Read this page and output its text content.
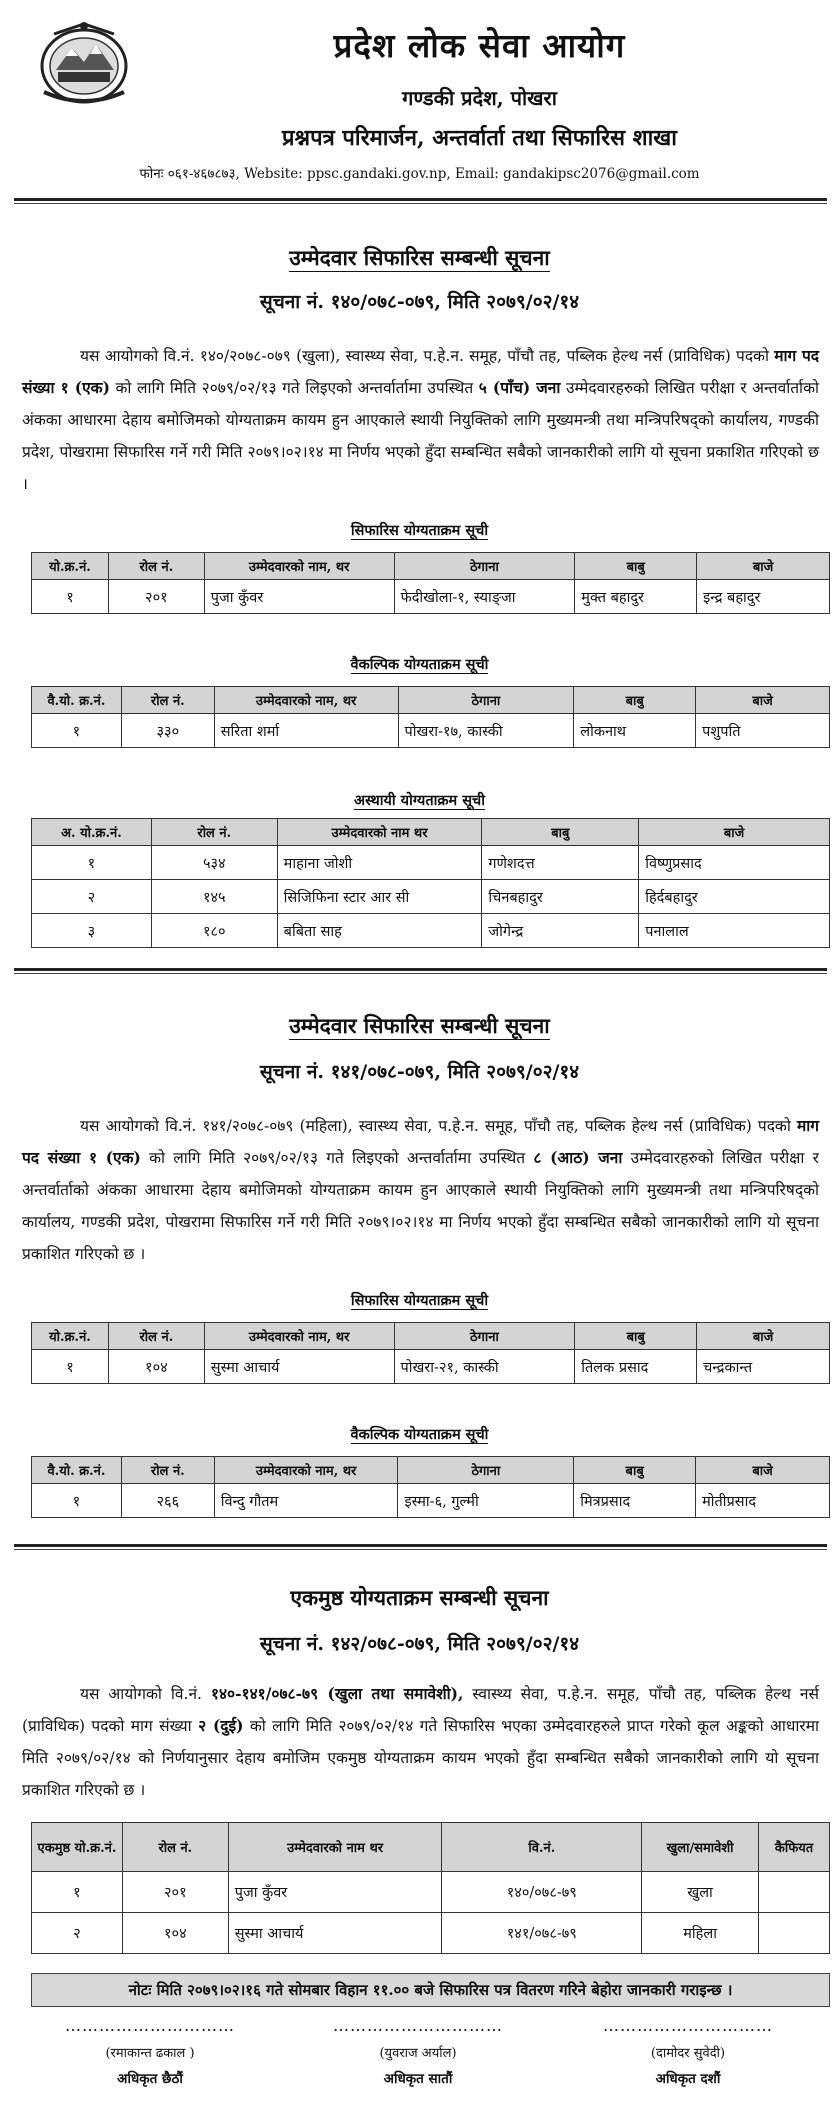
प्रदेश लोक सेवा आयोग
गण्डकी प्रदेश, पोखरा
प्रश्नपत्र परिमार्जन, अन्तर्वार्ता तथा सिफारिस शाखा
फोनः ०६१-४६७८७३, Website: ppsc.gandaki.gov.np, Email: gandakipsc2076@gmail.com
उम्मेदवार सिफारिस सम्बन्धी सूचना
सूचना नं. १४०/०७८-०७९, मिति २०७९/०२/१४
यस आयोगको वि.नं. १४०/२०७८-०७९ (खुला), स्वास्थ्य सेवा, प.हे.न. समूह, पाँचौ तह, पब्लिक हेल्थ नर्स (प्राविधिक) पदको माग पद संख्या १ (एक) को लागि मिति २०७९/०२/१३ गते लिइएको अन्तर्वार्तामा उपस्थित ५ (पाँच) जना उम्मेदवारहरुको लिखित परीक्षा र अन्तर्वार्ताको अंकका आधारमा देहाय बमोजिमको योग्यताक्रम कायम हुन आएकाले स्थायी नियुक्तिको लागि मुख्यमन्त्री तथा मन्त्रिपरिषद्को कार्यालय, गण्डकी प्रदेश, पोखरामा सिफारिस गर्ने गरी मिति २०७९।०२।१४ मा निर्णय भएको हुँदा सम्बन्धित सबैको जानकारीको लागि यो सूचना प्रकाशित गरिएको छ ।
सिफारिस योग्यताक्रम सूची
यो.क्र.नं.	रोल नं.	उम्मेदवारको नाम, थर	ठेगाना	बाबु	बाजे
१	२०१	पुजा कुँवर	फेदीखोला-१, स्याङ्जा	मुक्त बहादुर	इन्द्र बहादुर
वैकल्पिक योग्यताक्रम सूची
वै.यो. क्र.नं.	रोल नं.	उम्मेदवारको नाम, थर	ठेगाना	बाबु	बाजे
१	३३०	सरिता शर्मा	पोखरा-१७, कास्की	लोकनाथ	पशुपति
अस्थायी योग्यताक्रम सूची
अ. यो.क्र.नं.	रोल नं.	उम्मेदवारको नाम थर	बाबु	बाजे
१	५३४	माहाना जोशी	गणेशदत्त	विष्णुप्रसाद
२	१४५	सिजिफिना स्टार आर सी	चिनबहादुर	हिर्दबहादुर
३	१८०	बबिता साह	जोगेन्द्र	पनालाल
उम्मेदवार सिफारिस सम्बन्धी सूचना
सूचना नं. १४१/०७८-०७९, मिति २०७९/०२/१४
यस आयोगको वि.नं. १४१/२०७८-०७९ (महिला), स्वास्थ्य सेवा, प.हे.न. समूह, पाँचौ तह, पब्लिक हेल्थ नर्स (प्राविधिक) पदको माग पद संख्या १ (एक) को लागि मिति २०७९/०२/१३ गते लिइएको अन्तर्वार्तामा उपस्थित ८ (आठ) जना उम्मेदवारहरुको लिखित परीक्षा र अन्तर्वार्ताको अंकका आधारमा देहाय बमोजिमको योग्यताक्रम कायम हुन आएकाले स्थायी नियुक्तिको लागि मुख्यमन्त्री तथा मन्त्रिपरिषद्को कार्यालय, गण्डकी प्रदेश, पोखरामा सिफारिस गर्ने गरी मिति २०७९।०२।१४ मा निर्णय भएको हुँदा सम्बन्धित सबैको जानकारीको लागि यो सूचना प्रकाशित गरिएको छ ।
सिफारिस योग्यताक्रम सूची
यो.क्र.नं.	रोल नं.	उम्मेदवारको नाम, थर	ठेगाना	बाबु	बाजे
१	१०४	सुस्मा आचार्य	पोखरा-२१, कास्की	तिलक प्रसाद	चन्द्रकान्त
वैकल्पिक योग्यताक्रम सूची
वै.यो. क्र.नं.	रोल नं.	उम्मेदवारको नाम, थर	ठेगाना	बाबु	बाजे
१	२६६	विन्दु गौतम	इस्मा-६, गुल्मी	मित्रप्रसाद	मोतीप्रसाद
एकमुष्ठ योग्यताक्रम सम्बन्धी सूचना
सूचना नं. १४२/०७८-०७९, मिति २०७९/०२/१४
यस आयोगको वि.नं. १४०-१४१/०७८-७९ (खुला तथा समावेशी), स्वास्थ्य सेवा, प.हे.न. समूह, पाँचौ तह, पब्लिक हेल्थ नर्स (प्राविधिक) पदको माग संख्या २ (दुई) को लागि मिति २०७९/०२/१४ गते सिफारिस भएका उम्मेदवारहरुले प्राप्त गरेको कूल अङ्कको आधारमा मिति २०७९/०२/१४ को निर्णयानुसार देहाय बमोजिम एकमुष्ठ योग्यताक्रम कायम भएको हुँदा सम्बन्धित सबैको जानकारीको लागि यो सूचना प्रकाशित गरिएको छ ।
एकमुष्ठ यो.क्र.नं.	रोल नं.	उम्मेदवारको नाम थर	वि.नं.	खुला/समावेशी	कैफियत
१	२०१	पुजा कुँवर	१४०/०७८-७९	खुला	
२	१०४	सुस्मा आचार्य	१४१/०७८-७९	महिला	
नोटः मिति २०७९।०२।१६ गते सोमबार विहान ११.०० बजे सिफारिस पत्र वितरण गरिने बेहोरा जानकारी गराइन्छ ।
…………………………
(रमाकान्त ढकाल )
अधिकृत छैठौं
…………………………
(युवराज अर्याल)
अधिकृत सातौं
…………………………
(दामोदर सुवेदी)
अधिकृत दशौं
